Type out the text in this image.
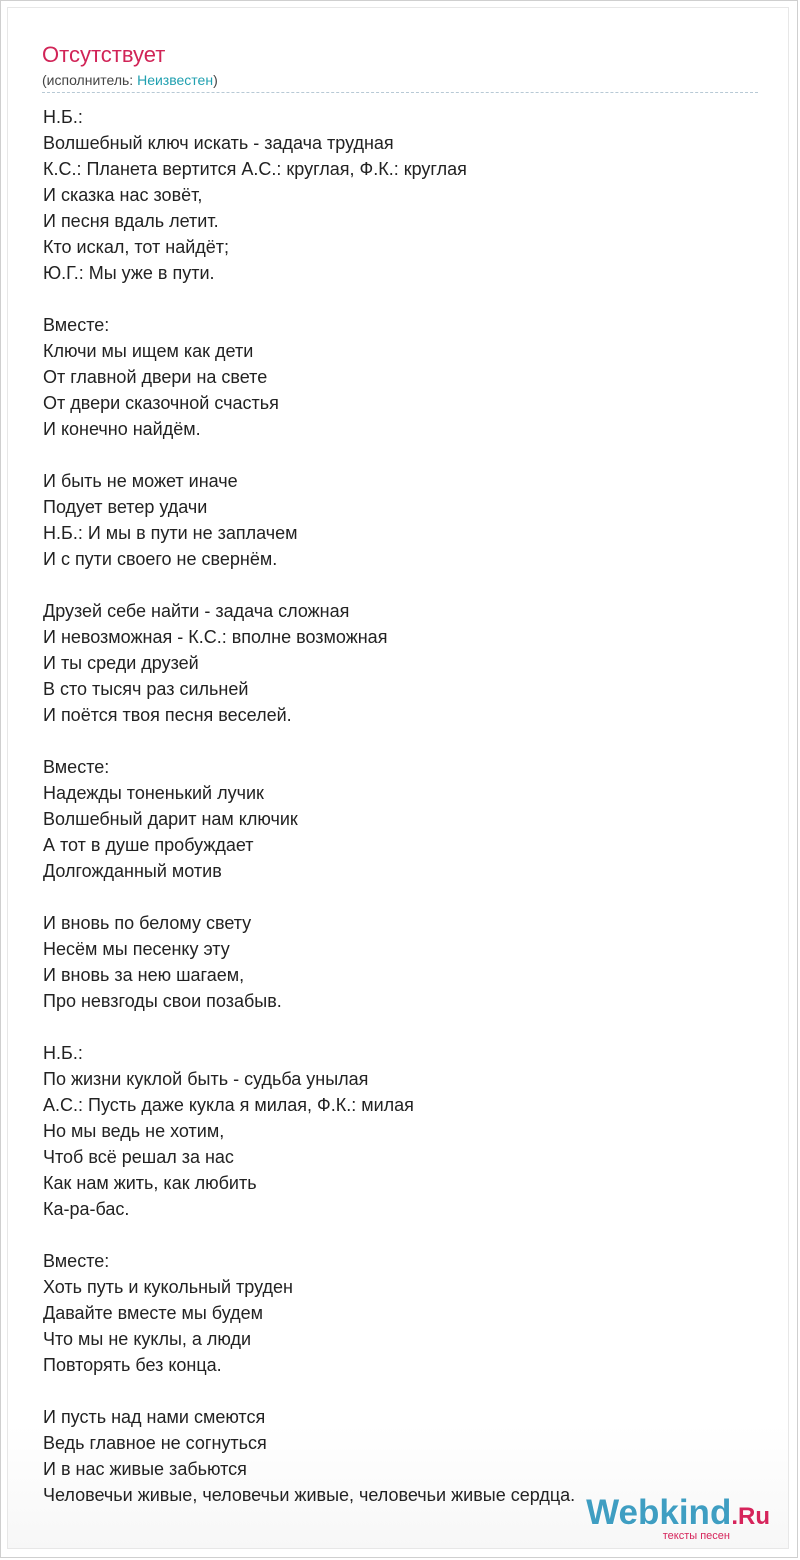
Отсутствует
(исполнитель: Неизвестен)
Н.Б.:
Волшебный ключ искать - задача трудная
К.С.: Планета вертится А.С.: круглая, Ф.К.: круглая
И сказка нас зовёт,
И песня вдаль летит.
Кто искал, тот найдёт;
Ю.Г.: Мы уже в пути.

Вместе:
Ключи мы ищем как дети
От главной двери на свете
От двери сказочной счастья
И конечно найдём.

И быть не может иначе
Подует ветер удачи
Н.Б.: И мы в пути не заплачем
И с пути своего не свернём.

Друзей себе найти - задача сложная
И невозможная - К.С.: вполне возможная
И ты среди друзей
В сто тысяч раз сильней
И поётся твоя песня веселей.

Вместе:
Надежды тоненький лучик
Волшебный дарит нам ключик
А тот в душе пробуждает
Долгожданный мотив

И вновь по белому свету
Несём мы песенку эту
И вновь за нею шагаем,
Про невзгоды свои позабыв.

Н.Б.:
По жизни куклой быть - судьба унылая
А.С.: Пусть даже кукла я милая, Ф.К.: милая
Но мы ведь не хотим,
Чтоб всё решал за нас
Как нам жить, как любить
Ка-ра-бас.

Вместе:
Хоть путь и кукольный труден
Давайте вместе мы будем
Что мы не куклы, а люди
Повторять без конца.

И пусть над нами смеются
Ведь главное не согнуться
И в нас живые забьются
Человечьи живые, человечьи живые, человечьи живые сердца. Webkind.Ru
тексты песен
